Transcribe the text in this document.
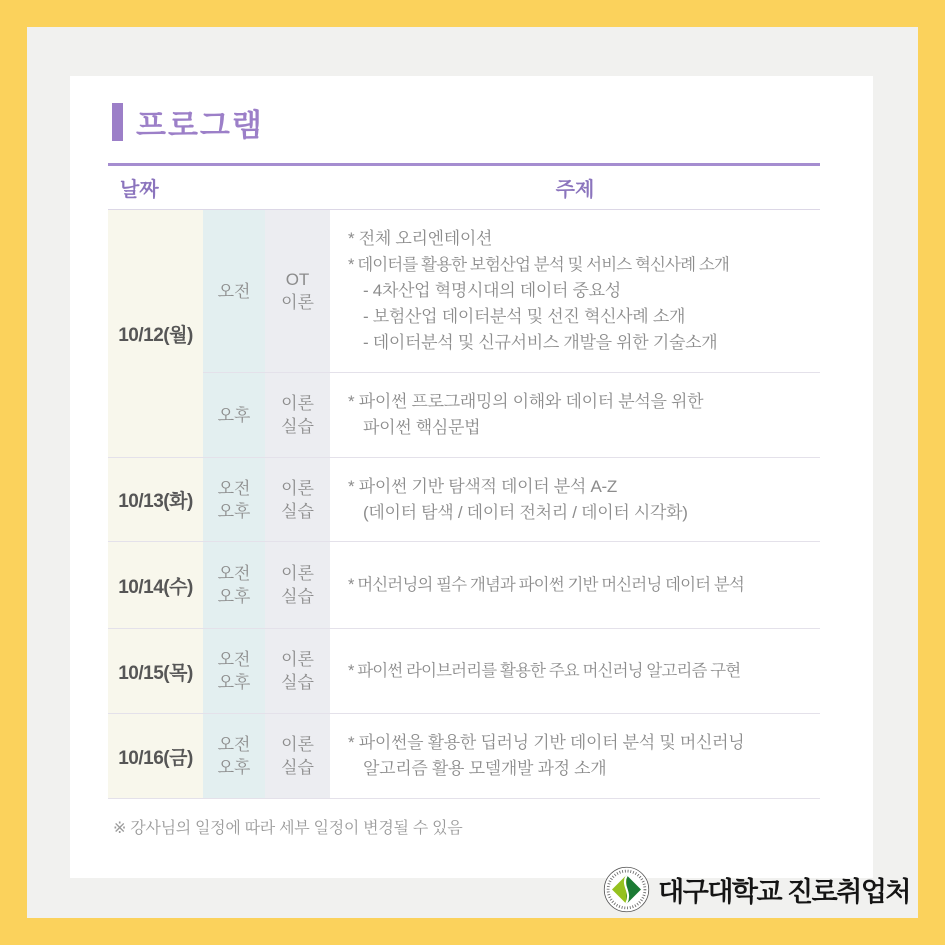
프로그램
날짜	주제
10/12(월)
오전
OT
이론
* 전체 오리엔테이션
* 데이터를 활용한 보험산업 분석 및 서비스 혁신사례 소개
- 4차산업 혁명시대의 데이터 중요성
- 보험산업 데이터분석 및 선진 혁신사례 소개
- 데이터분석 및 신규서비스 개발을 위한 기술소개
오후
이론
실습
* 파이썬 프로그래밍의 이해와 데이터 분석을 위한
파이썬 핵심문법
10/13(화)
오전
오후
이론
실습
* 파이썬 기반 탐색적 데이터 분석 A-Z
(데이터 탐색 / 데이터 전처리 / 데이터 시각화)
10/14(수)
오전
오후
이론
실습
* 머신러닝의 필수 개념과 파이썬 기반 머신러닝 데이터 분석
10/15(목)
오전
오후
이론
실습
* 파이썬 라이브러리를 활용한 주요 머신러닝 알고리즘 구현
10/16(금)
오전
오후
이론
실습
* 파이썬을 활용한 딥러닝 기반 데이터 분석 및 머신러닝
알고리즘 활용 모델개발 과정 소개
※ 강사님의 일정에 따라 세부 일정이 변경될 수 있음
대구대학교 진로취업처
